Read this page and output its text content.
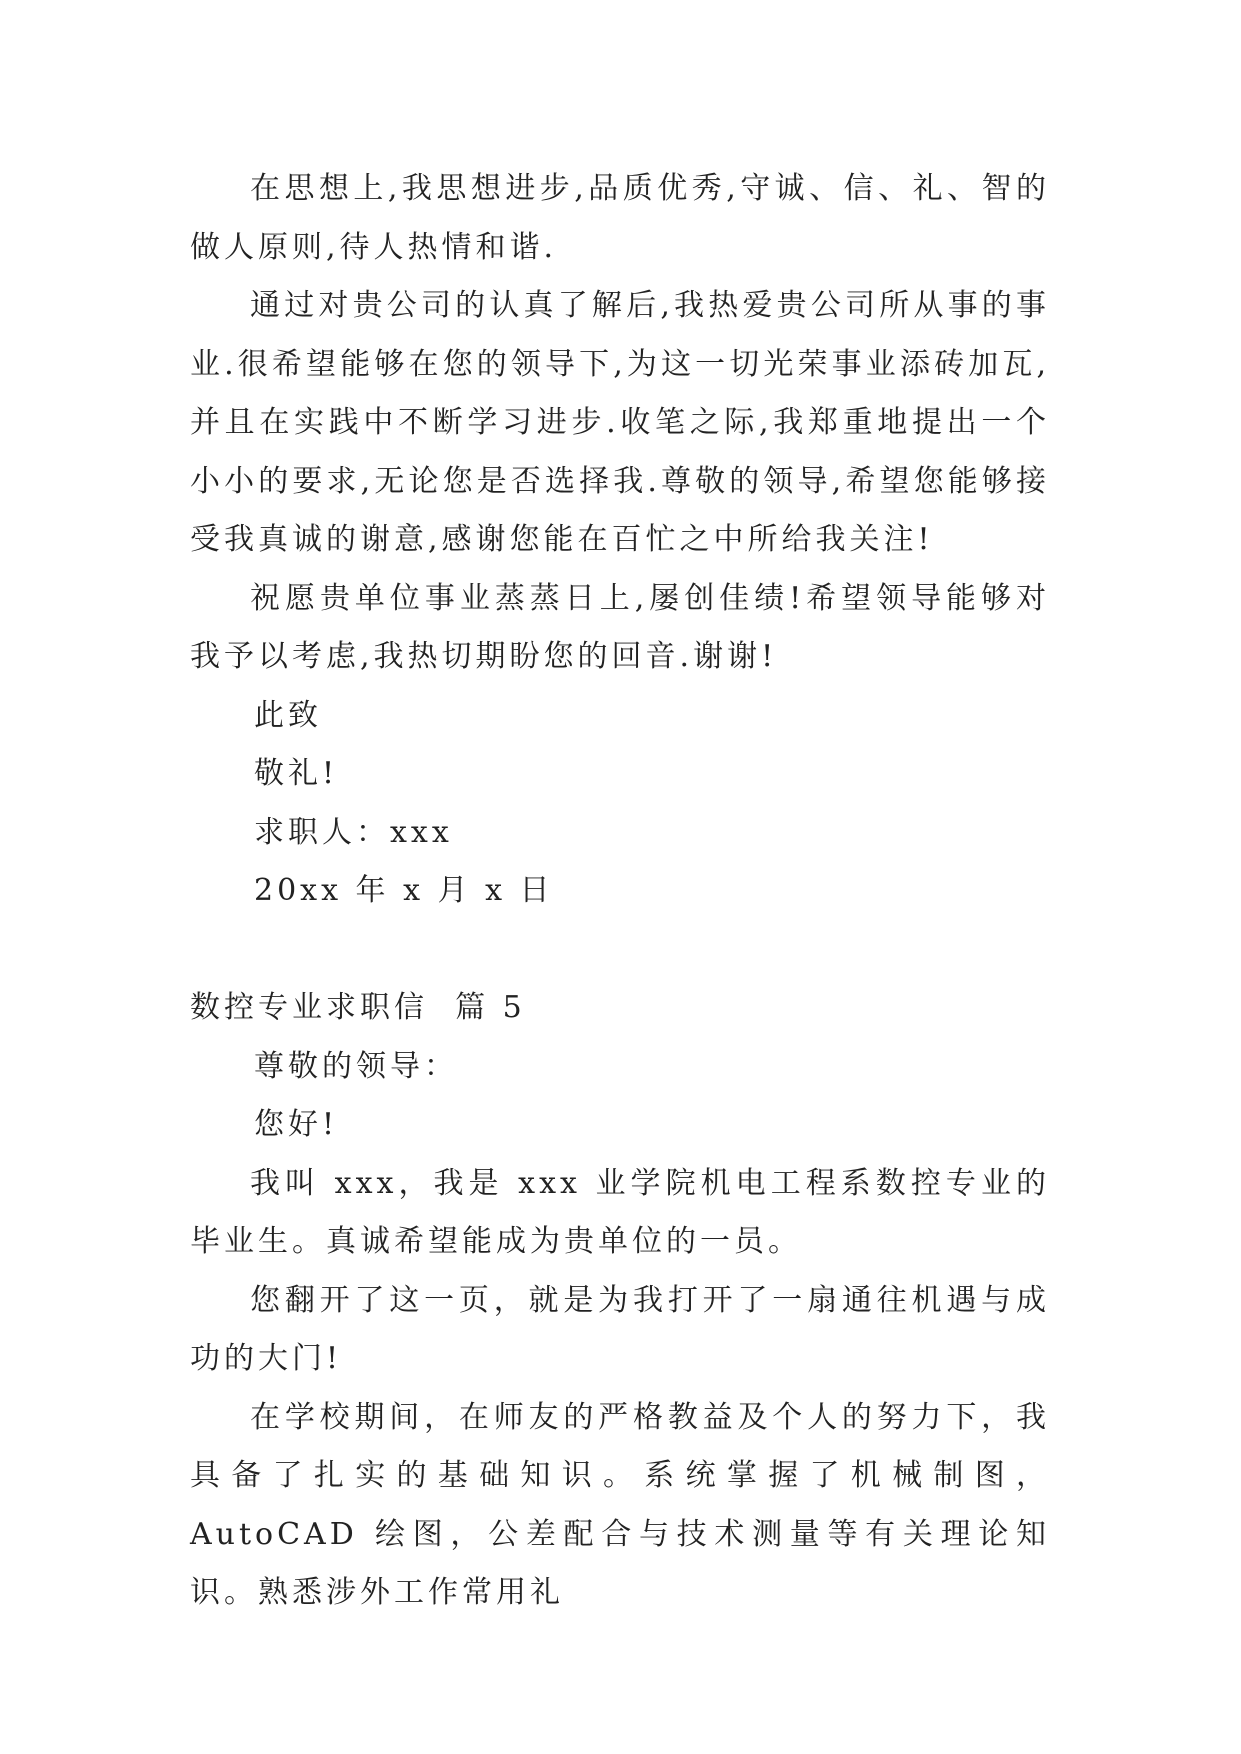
在思想上,我思想进步,品质优秀,守诚、信、礼、智的做人原则,待人热情和谐.

通过对贵公司的认真了解后,我热爱贵公司所从事的事业.很希望能够在您的领导下,为这一切光荣事业添砖加瓦,并且在实践中不断学习进步.收笔之际,我郑重地提出一个小小的要求,无论您是否选择我.尊敬的领导,希望您能够接受我真诚的谢意,感谢您能在百忙之中所给我关注!

祝愿贵单位事业蒸蒸日上,屡创佳绩!希望领导能够对我予以考虑,我热切期盼您的回音.谢谢!

此致

敬礼!

求职人：xxx

20xx 年 x 月 x 日

数控专业求职信  篇 5

尊敬的领导：

您好!

我叫 xxx，我是 xxx 业学院机电工程系数控专业的毕业生。真诚希望能成为贵单位的一员。

您翻开了这一页，就是为我打开了一扇通往机遇与成功的大门!

在学校期间，在师友的严格教益及个人的努力下，我具备了扎实的基础知识。系统掌握了机械制图，AutoCAD 绘图，公差配合与技术测量等有关理论知识。熟悉涉外工作常用礼
